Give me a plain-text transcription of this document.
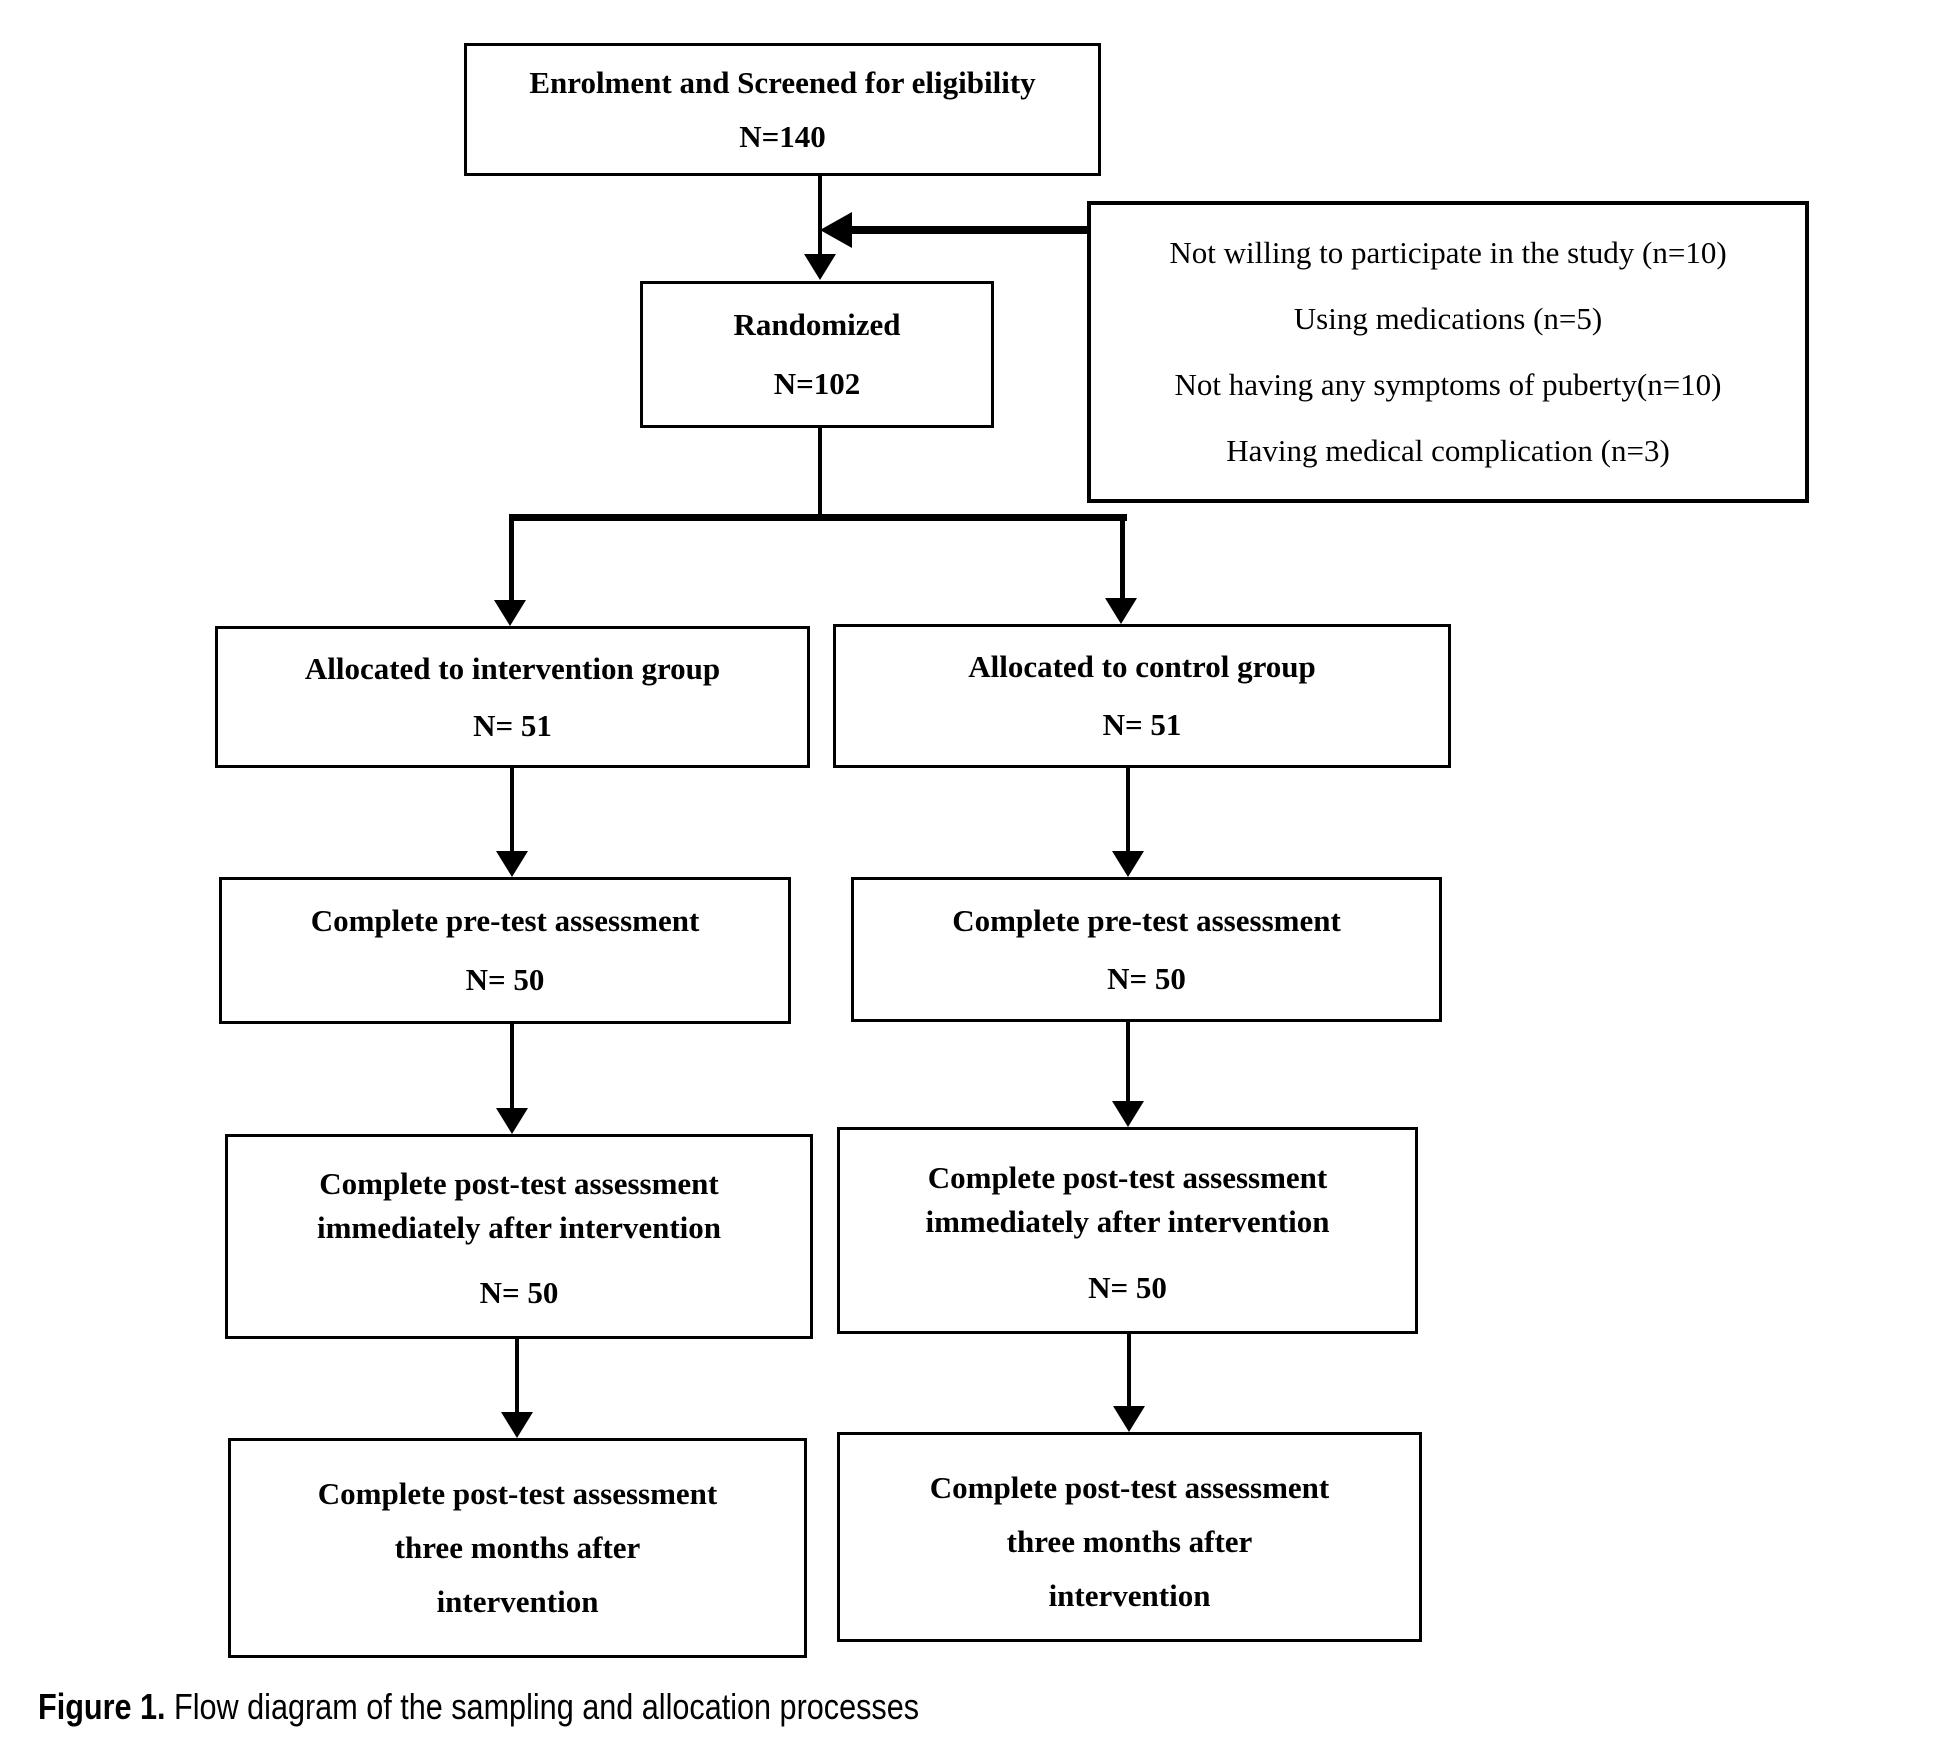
Enrolment and Screened for eligibility
N=140
Not willing to participate in the study (n=10)
Using medications (n=5)
Not having any symptoms of puberty(n=10)
Having medical complication (n=3)
Randomized
N=102
Allocated to intervention group
N= 51
Allocated to control group
N= 51
Complete pre-test assessment
N= 50
Complete pre-test assessment
N= 50
Complete post-test assessment
immediately after intervention
N= 50
Complete post-test assessment
immediately after intervention
N= 50
Complete post-test assessment
three months after
intervention
Complete post-test assessment
three months after
intervention
Figure 1. Flow diagram of the sampling and allocation processes
